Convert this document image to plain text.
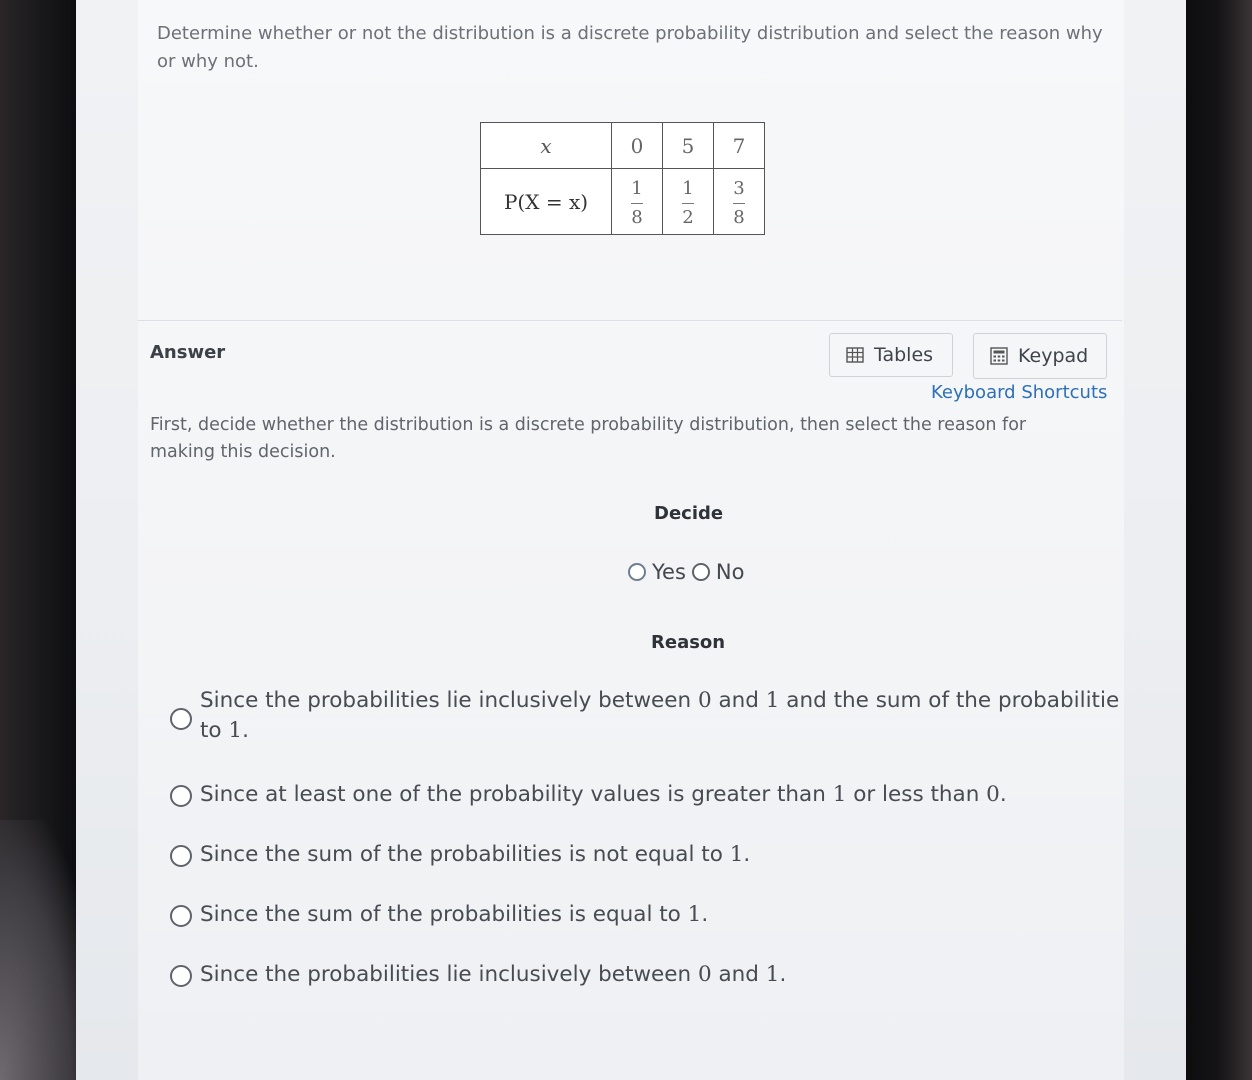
Determine whether or not the distribution is a discrete probability distribution and select the reason why or why not.

x	0	5	7
P(X = x)	$\frac{1}{8}$	$\frac{1}{2}$	$\frac{3}{8}$
Answer	Tables	Keypad
Keyboard Shortcuts

First, decide whether the distribution is a discrete probability distribution, then select the reason for making this decision.

Decide
Yes No
Reason
Since the probabilities lie inclusively between 0 and 1 and the sum of the probabilitie
to 1.
Since at least one of the probability values is greater than 1 or less than 0.
Since the sum of the probabilities is not equal to 1.
Since the sum of the probabilities is equal to 1.
Since the probabilities lie inclusively between 0 and 1.
